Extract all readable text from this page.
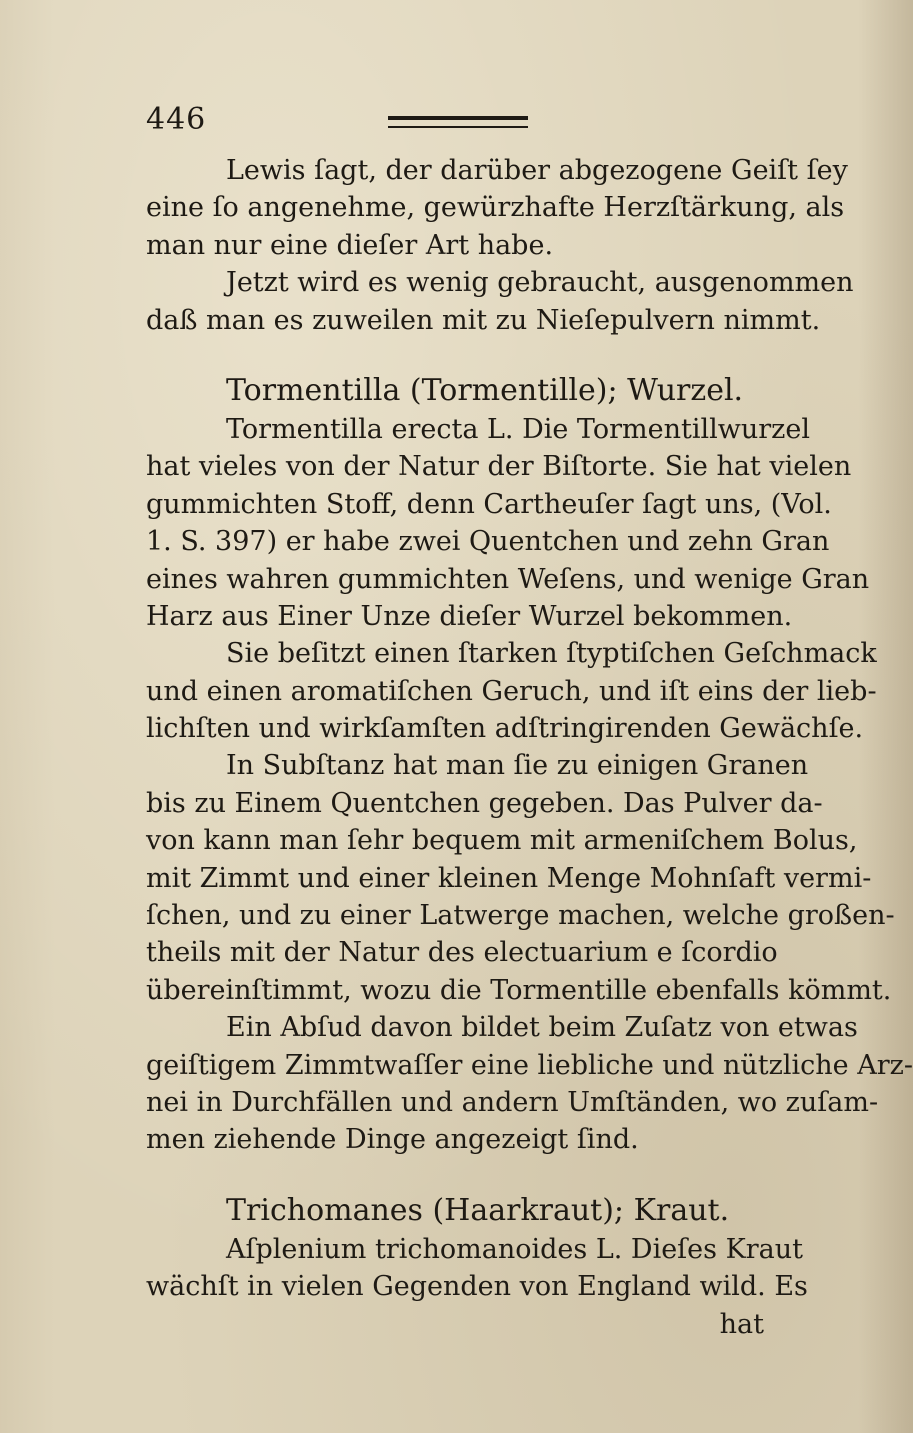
446
Lewis ſagt, der darüber abgezogene Geiſt ſey
eine ſo angenehme, gewürzhafte Herzſtärkung, als
man nur eine dieſer Art habe.
Jetzt wird es wenig gebraucht, ausgenommen
daß man es zuweilen mit zu Nieſepulvern nimmt.
Tormentilla (Tormentille); Wurzel.
Tormentilla erecta L. Die Tormentillwurzel
hat vieles von der Natur der Biſtorte. Sie hat vielen
gummichten Stoff, denn Cartheuſer ſagt uns, (Vol.
1. S. 397) er habe zwei Quentchen und zehn Gran
eines wahren gummichten Weſens, und wenige Gran
Harz aus Einer Unze dieſer Wurzel bekommen.
Sie beſitzt einen ſtarken ſtyptiſchen Geſchmack
und einen aromatiſchen Geruch, und iſt eins der lieb-
lichſten und wirkſamſten adſtringirenden Gewächſe.
In Subſtanz hat man ſie zu einigen Granen
bis zu Einem Quentchen gegeben. Das Pulver da-
von kann man ſehr bequem mit armeniſchem Bolus,
mit Zimmt und einer kleinen Menge Mohnſaft vermi-
ſchen, und zu einer Latwerge machen, welche großen-
theils mit der Natur des electuarium e ſcordio
übereinſtimmt, wozu die Tormentille ebenfalls kömmt.
Ein Abſud davon bildet beim Zuſatz von etwas
geiſtigem Zimmtwaſſer eine liebliche und nützliche Arz-
nei in Durchfällen und andern Umſtänden, wo zuſam-
men ziehende Dinge angezeigt ſind.
Trichomanes (Haarkraut); Kraut.
Aſplenium trichomanoides L. Dieſes Kraut
wächſt in vielen Gegenden von England wild. Es
hat
